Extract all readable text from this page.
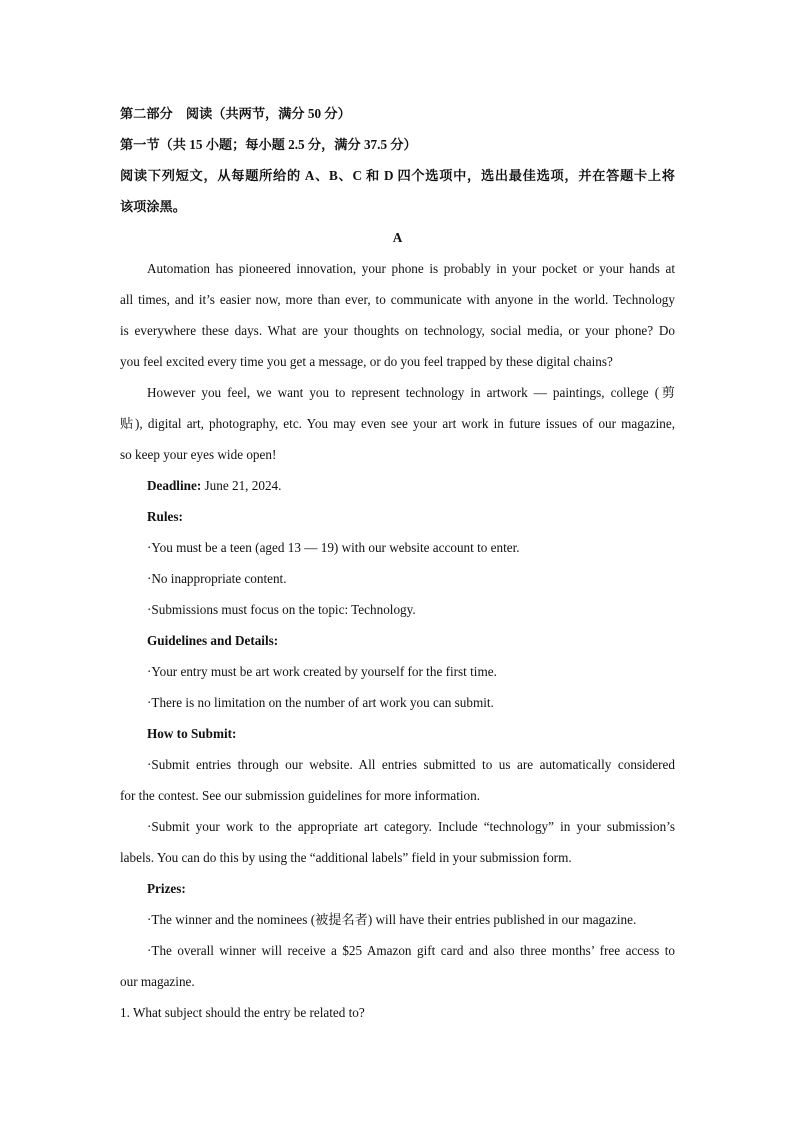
第二部分　阅读（共两节，满分 50 分）
第一节（共 15 小题；每小题 2.5 分，满分 37.5 分）
阅读下列短文，从每题所给的 A、B、C 和 D 四个选项中，选出最佳选项，并在答题卡上将
该项涂黑。
A
Automation has pioneered innovation, your phone is probably in your pocket or your hands at
all times, and it’s easier now, more than ever, to communicate with anyone in the world. Technology
is everywhere these days. What are your thoughts on technology, social media, or your phone? Do
you feel excited every time you get a message, or do you feel trapped by these digital chains?
However you feel, we want you to represent technology in artwork — paintings, college (剪
贴), digital art, photography, etc. You may even see your art work in future issues of our magazine,
so keep your eyes wide open!
Deadline: June 21, 2024.
Rules:
·You must be a teen (aged 13 — 19) with our website account to enter.
·No inappropriate content.
·Submissions must focus on the topic: Technology.
Guidelines and Details:
·Your entry must be art work created by yourself for the first time.
·There is no limitation on the number of art work you can submit.
How to Submit:
·Submit entries through our website. All entries submitted to us are automatically considered
for the contest. See our submission guidelines for more information.
·Submit your work to the appropriate art category. Include “technology” in your submission’s
labels. You can do this by using the “additional labels” field in your submission form.
Prizes:
·The winner and the nominees (被提名者) will have their entries published in our magazine.
·The overall winner will receive a $25 Amazon gift card and also three months’ free access to
our magazine.
1. What subject should the entry be related to?
